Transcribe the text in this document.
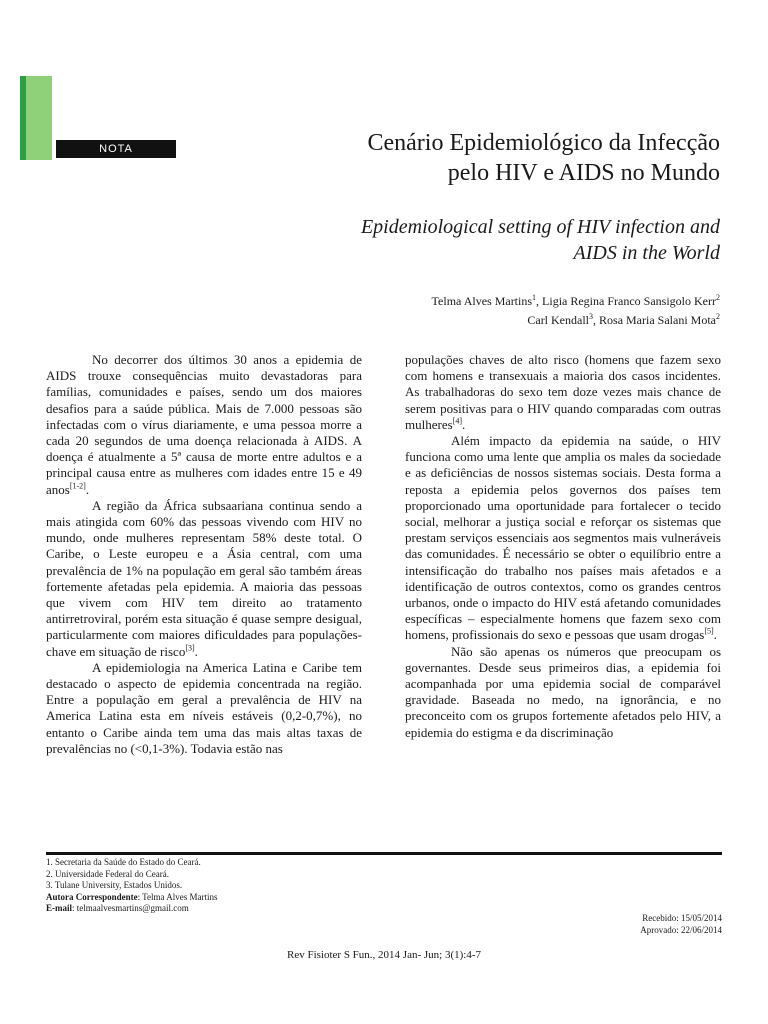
NOTA	Cenário Epidemiológico da Infecção
pelo HIV e AIDS no Mundo
Epidemiological setting of HIV infection and
AIDS in the World
Telma Alves Martins$^1$, Ligia Regina Franco Sansigolo Kerr$^2$
Carl Kendall$^3$, Rosa Maria Salani Mota$^2$

No decorrer dos últimos 30 anos a epidemia de AIDS trouxe consequências muito devastadoras para famílias, comunidades e países, sendo um dos maiores desafios para a saúde pública. Mais de 7.000 pessoas são infectadas com o vírus diariamente, e uma pessoa morre a cada 20 segundos de uma doença relacionada à AIDS. A doença é atualmente a 5ª causa de morte entre adultos e a principal causa entre as mulheres com idades entre 15 e 49 anos[1-2].

A região da África subsaariana continua sendo a mais atingida com 60% das pessoas vivendo com HIV no mundo, onde mulheres representam 58% deste total. O Caribe, o Leste europeu e a Ásia central, com uma prevalência de 1% na população em geral são também áreas fortemente afetadas pela epidemia. A maioria das pessoas que vivem com HIV tem direito ao tratamento antirretroviral, porém esta situação é quase sempre desigual, particularmente com maiores dificuldades para populações-chave em situação de risco[3].

A epidemiologia na America Latina e Caribe tem destacado o aspecto de epidemia concentrada na região. Entre a população em geral a prevalência de HIV na America Latina esta em níveis estáveis (0,2-0,7%), no entanto o Caribe ainda tem uma das mais altas taxas de prevalências no (<0,1-3%). Todavia estão nas

populações chaves de alto risco (homens que fazem sexo com homens e transexuais a maioria dos casos incidentes. As trabalhadoras do sexo tem doze vezes mais chance de serem positivas para o HIV quando comparadas com outras mulheres[4].

Além impacto da epidemia na saúde, o HIV funciona como uma lente que amplia os males da sociedade e as deficiências de nossos sistemas sociais. Desta forma a reposta a epidemia pelos governos dos países tem proporcionado uma oportunidade para fortalecer o tecido social, melhorar a justiça social e reforçar os sistemas que prestam serviços essenciais aos segmentos mais vulneráveis das comunidades. É necessário se obter o equilíbrio entre a intensificação do trabalho nos países mais afetados e a identificação de outros contextos, como os grandes centros urbanos, onde o impacto do HIV está afetando comunidades específicas – especialmente homens que fazem sexo com homens, profissionais do sexo e pessoas que usam drogas[5].

Não são apenas os números que preocupam os governantes. Desde seus primeiros dias, a epidemia foi acompanhada por uma epidemia social de comparável gravidade. Baseada no medo, na ignorância, e no preconceito com os grupos fortemente afetados pelo HIV, a epidemia do estigma e da discriminação

1. Secretaria da Saúde do Estado do Ceará.
2. Universidade Federal do Ceará.
3. Tulane University, Estados Unidos.
Autora Correspondente: Telma Alves Martins
E-mail: telmaalvesmartins@gmail.com
Recebido: 15/05/2014
Aprovado: 22/06/2014
Rev Fisioter S Fun., 2014 Jan- Jun; 3(1):4-7
